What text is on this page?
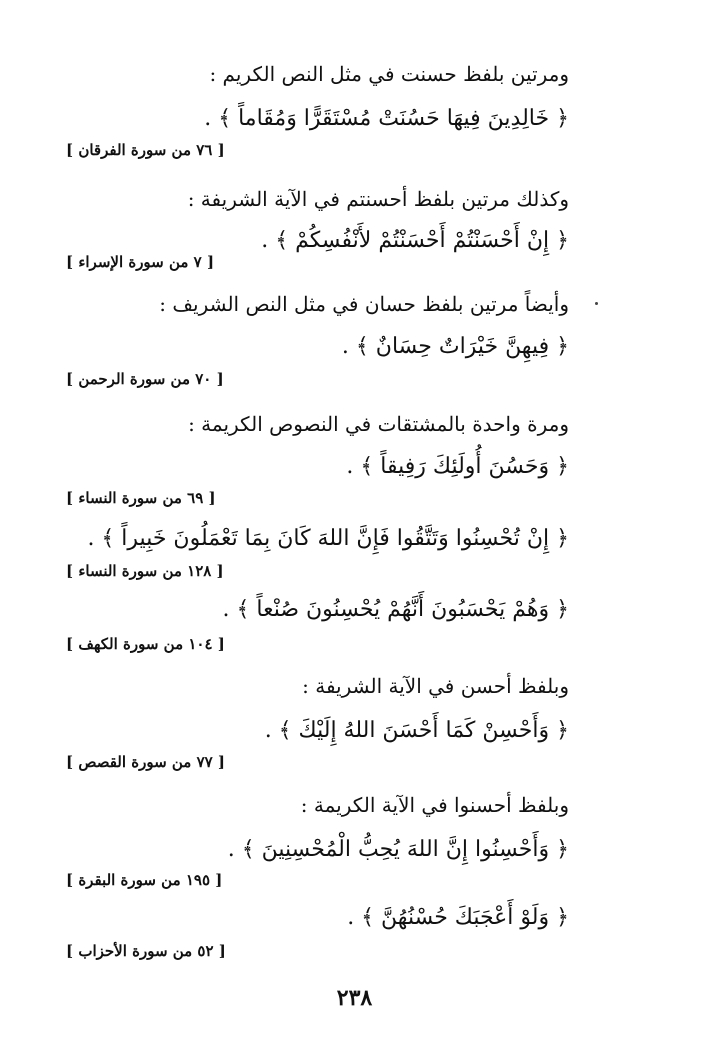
ومرتين بلفظ حسنت في مثل النص الكريم :
﴿ خَالِدِينَ فِيهَا حَسُنَتْ مُسْتَقَرًّا وَمُقَاماً ﴾ .
[ ٧٦ من سورة الفرقان ]
وكذلك مرتين بلفظ أحسنتم في الآية الشريفة :
﴿ إِنْ أَحْسَنْتُمْ أَحْسَنْتُمْ لأَنْفُسِكُمْ ﴾ .
[ ٧ من سورة الإسراء ]
وأيضاً مرتين بلفظ حسان في مثل النص الشريف :
﴿ فِيهِنَّ خَيْرَاتٌ حِسَانٌ ﴾ .
[ ٧٠ من سورة الرحمن ]
ومرة واحدة بالمشتقات في النصوص الكريمة :
﴿ وَحَسُنَ أُولَئِكَ رَفِيقاً ﴾ .
[ ٦٩ من سورة النساء ]
﴿ إِنْ تُحْسِنُوا وَتَتَّقُوا فَإِنَّ اللهَ كَانَ بِمَا تَعْمَلُونَ خَبِيراً ﴾ .
[ ١٢٨ من سورة النساء ]
﴿ وَهُمْ يَحْسَبُونَ أَنَّهُمْ يُحْسِنُونَ صُنْعاً ﴾ .
[ ١٠٤ من سورة الكهف ]
وبلفظ أحسن في الآية الشريفة :
﴿ وَأَحْسِنْ كَمَا أَحْسَنَ اللهُ إِلَيْكَ ﴾ .
[ ٧٧ من سورة القصص ]
وبلفظ أحسنوا في الآية الكريمة :
﴿ وَأَحْسِنُوا إِنَّ اللهَ يُحِبُّ الْمُحْسِنِينَ ﴾ .
[ ١٩٥ من سورة البقرة ]
﴿ وَلَوْ أَعْجَبَكَ حُسْنُهُنَّ ﴾ .
[ ٥٢ من سورة الأحزاب ]
٢٣٨
